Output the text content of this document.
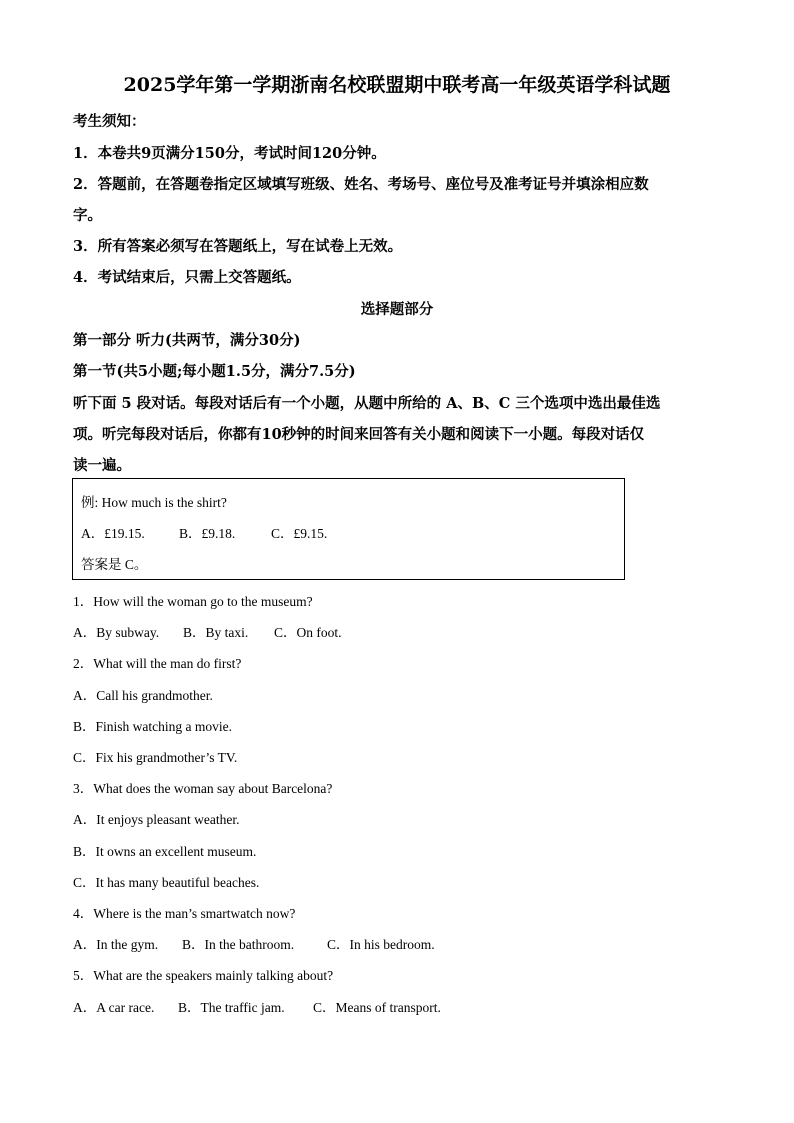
2025学年第一学期浙南名校联盟期中联考高一年级英语学科试题
考生须知：
1．本卷共9页满分150分，考试时间120分钟。
2．答题前，在答题卷指定区域填写班级、姓名、考场号、座位号及准考证号并填涂相应数
字。
3．所有答案必须写在答题纸上，写在试卷上无效。
4．考试结束后，只需上交答题纸。
选择题部分
第一部分 听力(共两节，满分30分)
第一节(共5小题;每小题1.5分，满分7.5分)
听下面 5 段对话。每段对话后有一个小题，从题中所给的 A、B、C 三个选项中选出最佳选
项。听完每段对话后，你都有10秒钟的时间来回答有关小题和阅读下一小题。每段对话仅
读一遍。
例: How much is the shirt?
A．£19.15.	B．£9.18.	C．£9.15.
答案是 C。
1．How will the woman go to the museum?
A．By subway. B．By taxi. C．On foot.
2．What will the man do first?
A．Call his grandmother.
B．Finish watching a movie.
C．Fix his grandmother’s TV.
3．What does the woman say about Barcelona?
A．It enjoys pleasant weather.
B．It owns an excellent museum.
C．It has many beautiful beaches.
4．Where is the man’s smartwatch now?
A．In the gym. B．In the bathroom. C．In his bedroom.
5．What are the speakers mainly talking about?
A．A car race. B．The traffic jam. C．Means of transport.
